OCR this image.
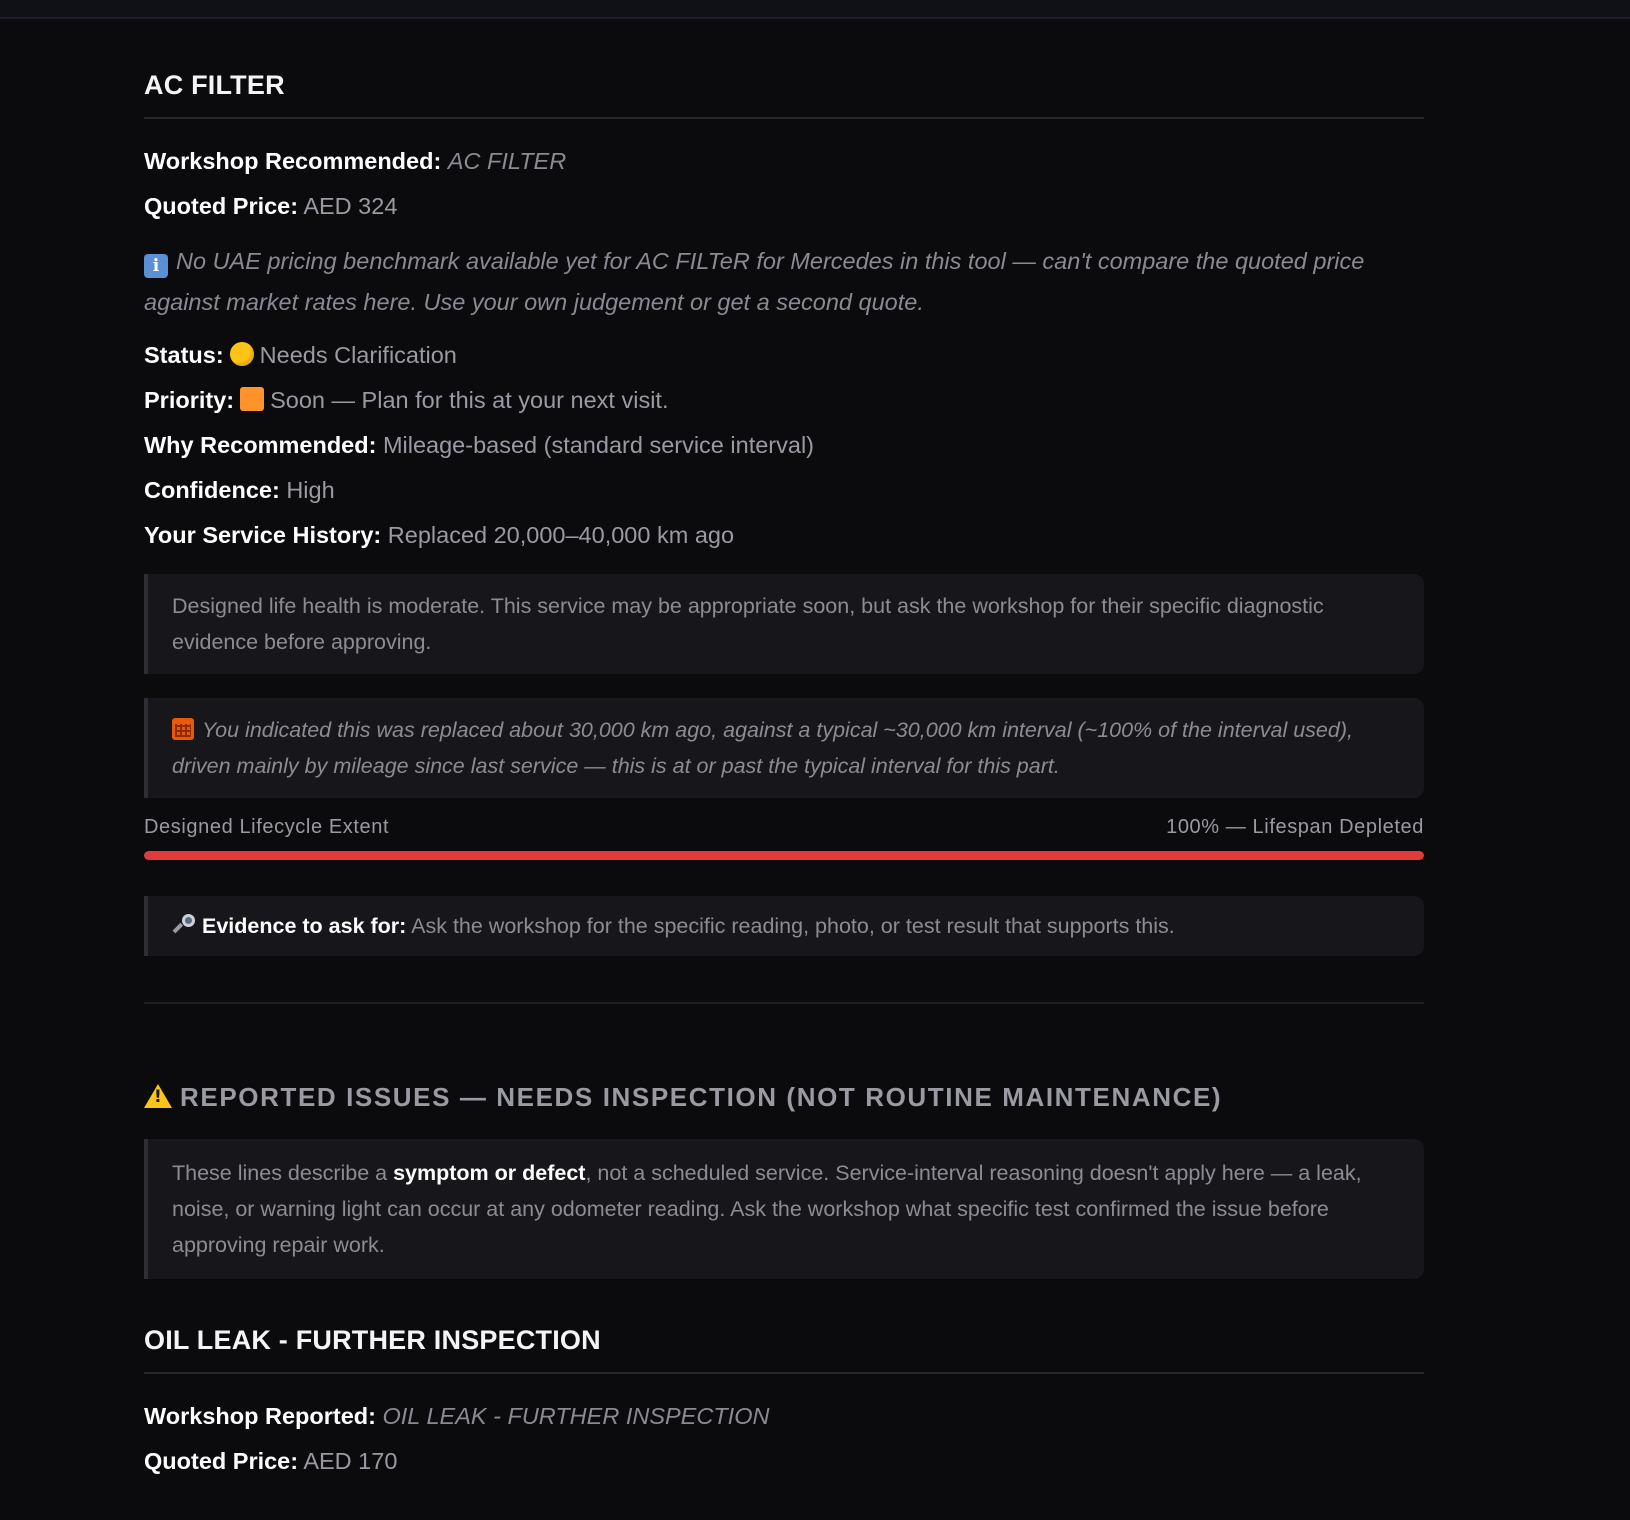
AC FILTER
Workshop Recommended: AC FILTER
Quoted Price: AED 324
i No UAE pricing benchmark available yet for AC FILTeR for Mercedes in this tool — can't compare the quoted price against market rates here. Use your own judgement or get a second quote.
Status: Needs Clarification
Priority: Soon — Plan for this at your next visit.
Why Recommended: Mileage-based (standard service interval)
Confidence: High
Your Service History: Replaced 20,000–40,000 km ago
Designed life health is moderate. This service may be appropriate soon, but ask the workshop for their specific diagnostic evidence before approving.
You indicated this was replaced about 30,000 km ago, against a typical ~30,000 km interval (~100% of the interval used), driven mainly by mileage since last service — this is at or past the typical interval for this part.
Designed Lifecycle Extent	100% — Lifespan Depleted
Evidence to ask for: Ask the workshop for the specific reading, photo, or test result that supports this.
!REPORTED ISSUES — NEEDS INSPECTION (NOT ROUTINE MAINTENANCE)
These lines describe a symptom or defect, not a scheduled service. Service-interval reasoning doesn't apply here — a leak, noise, or warning light can occur at any odometer reading. Ask the workshop what specific test confirmed the issue before approving repair work.
OIL LEAK - FURTHER INSPECTION
Workshop Reported: OIL LEAK - FURTHER INSPECTION
Quoted Price: AED 170
